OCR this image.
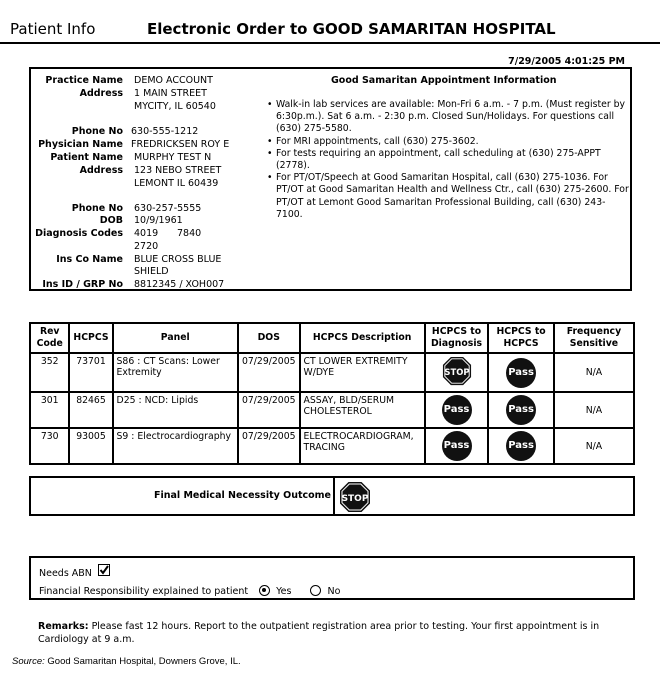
Patient Info	Electronic Order to GOOD SAMARITAN HOSPITAL
7/29/2005 4:01:25 PM
Practice Name DEMO ACCOUNT
Address 1 MAIN STREET
MYCITY, IL 60540
Phone No 630-555-1212
Physician Name FREDRICKSEN ROY E
Patient Name MURPHY TEST N
Address 123 NEBO STREET
LEMONT IL 60439
Phone No 630-257-5555
DOB 10/9/1961
Diagnosis Codes 4019	7840
2720
Ins Co Name BLUE CROSS BLUE
SHIELD
Ins ID / GRP No 8812345 / XOH007
Good Samaritan Appointment Information
• Walk-in lab services are available: Mon-Fri 6 a.m. - 7 p.m. (Must register by 6:30p.m.). Sat 6 a.m. - 2:30 p.m. Closed Sun/Holidays. For questions call (630) 275-5580.
• For MRI appointments, call (630) 275-3602.
• For tests requiring an appointment, call scheduling at (630) 275-APPT (2778).
• For PT/OT/Speech at Good Samaritan Hospital, call (630) 275-1036. For PT/OT at Good Samaritan Health and Wellness Ctr., call (630) 275-2600. For PT/OT at Lemont Good Samaritan Professional Building, call (630) 243-7100.
Rev Code	HCPCS	Panel	DOS	HCPCS Description	HCPCS to Diagnosis	HCPCS to HCPCS	Frequency Sensitive
352	73701	S86 : CT Scans: Lower Extremity	07/29/2005	CT LOWER EXTREMITY W/DYE	STOP	Pass	N/A
301	82465	D25 : NCD: Lipids	07/29/2005	ASSAY, BLD/SERUM CHOLESTEROL	Pass	Pass	N/A
730	93005	S9 : Electrocardiography	07/29/2005	ELECTROCARDIOGRAM, TRACING	Pass	Pass	N/A
Final Medical Necessity Outcome	STOP
Needs ABN
Financial Responsibility explained to patient	Yes	No
Remarks: Please fast 12 hours. Report to the outpatient registration area prior to testing. Your first appointment is in Cardiology at 9 a.m.
Source: Good Samaritan Hospital, Downers Grove, IL.
